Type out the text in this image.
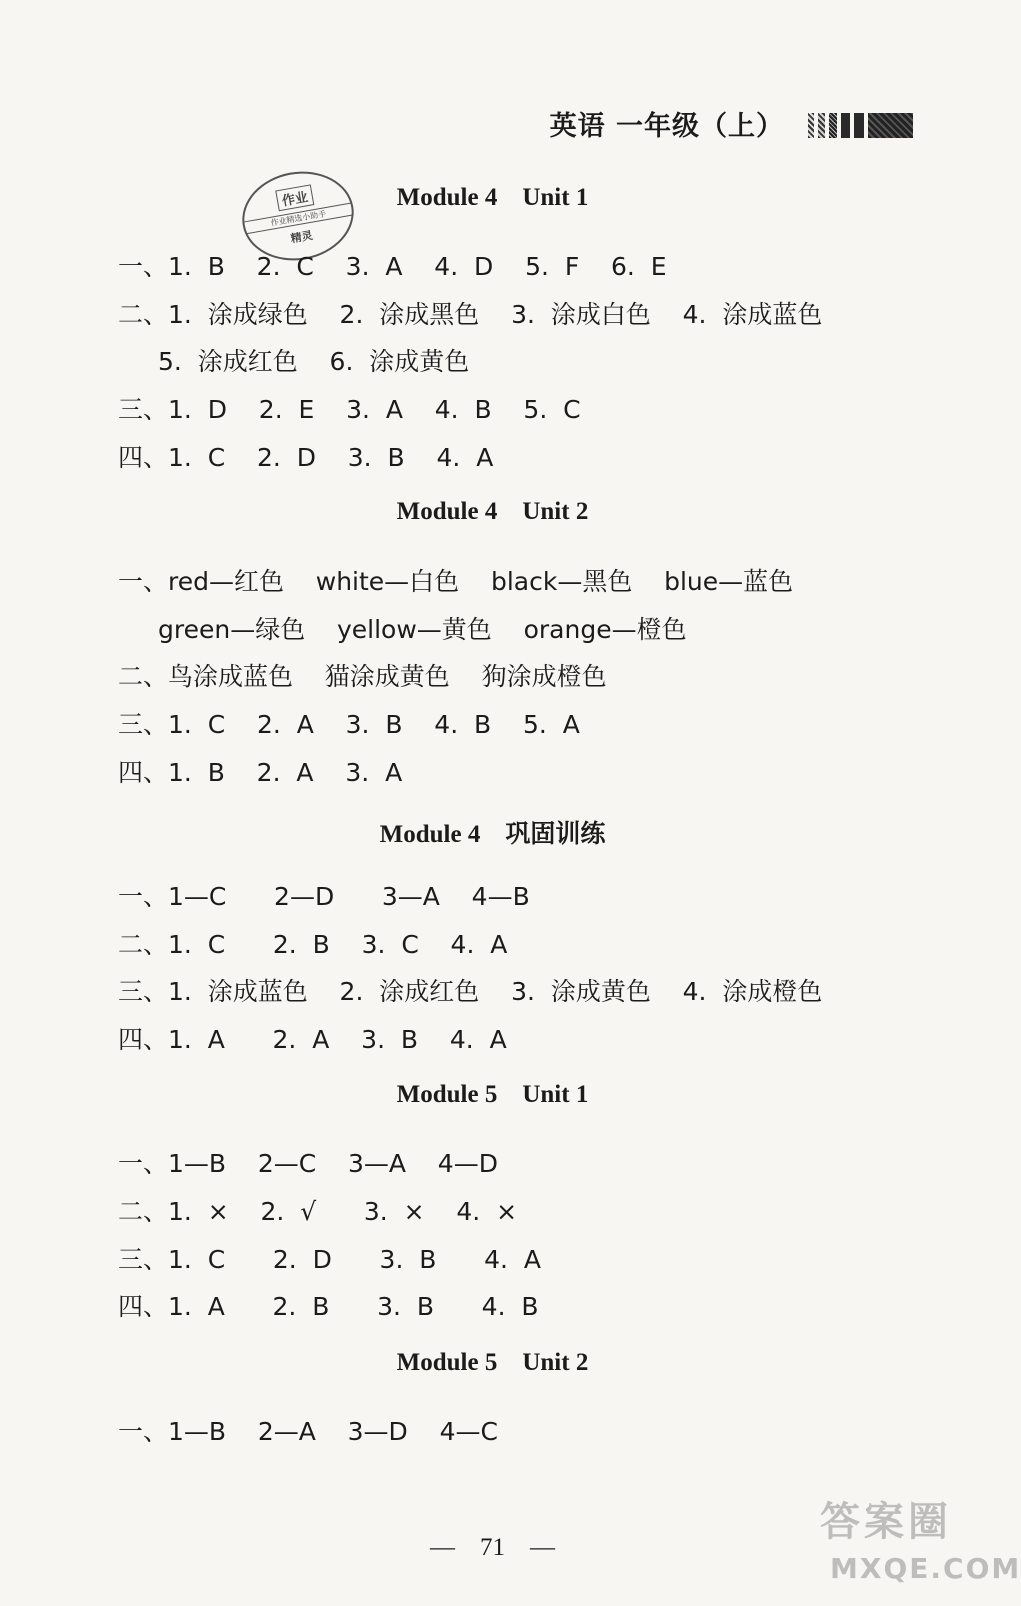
英语 一年级（上）
作业
作业精选小助手
精灵
Module 4    Unit 1
一、1.  B    2.  C    3.  A    4.  D    5.  F    6.  E
二、1.  涂成绿色    2.  涂成黑色    3.  涂成白色    4.  涂成蓝色
5.  涂成红色    6.  涂成黄色
三、1.  D    2.  E    3.  A    4.  B    5.  C
四、1.  C    2.  D    3.  B    4.  A
Module 4    Unit 2
一、red—红色    white—白色    black—黑色    blue—蓝色
green—绿色    yellow—黄色    orange—橙色
二、鸟涂成蓝色    猫涂成黄色    狗涂成橙色
三、1.  C    2.  A    3.  B    4.  B    5.  A
四、1.  B    2.  A    3.  A
Module 4    巩固训练
一、1—C      2—D      3—A    4—B
二、1.  C      2.  B    3.  C    4.  A
三、1.  涂成蓝色    2.  涂成红色    3.  涂成黄色    4.  涂成橙色
四、1.  A      2.  A    3.  B    4.  A
Module 5    Unit 1
一、1—B    2—C    3—A    4—D
二、1.  ×    2.  √      3.  ×    4.  ×
三、1.  C      2.  D      3.  B      4.  A
四、1.  A      2.  B      3.  B      4.  B
Module 5    Unit 2
一、1—B    2—A    3—D    4—C
—    71    —
答案圈
MXQE.COM
